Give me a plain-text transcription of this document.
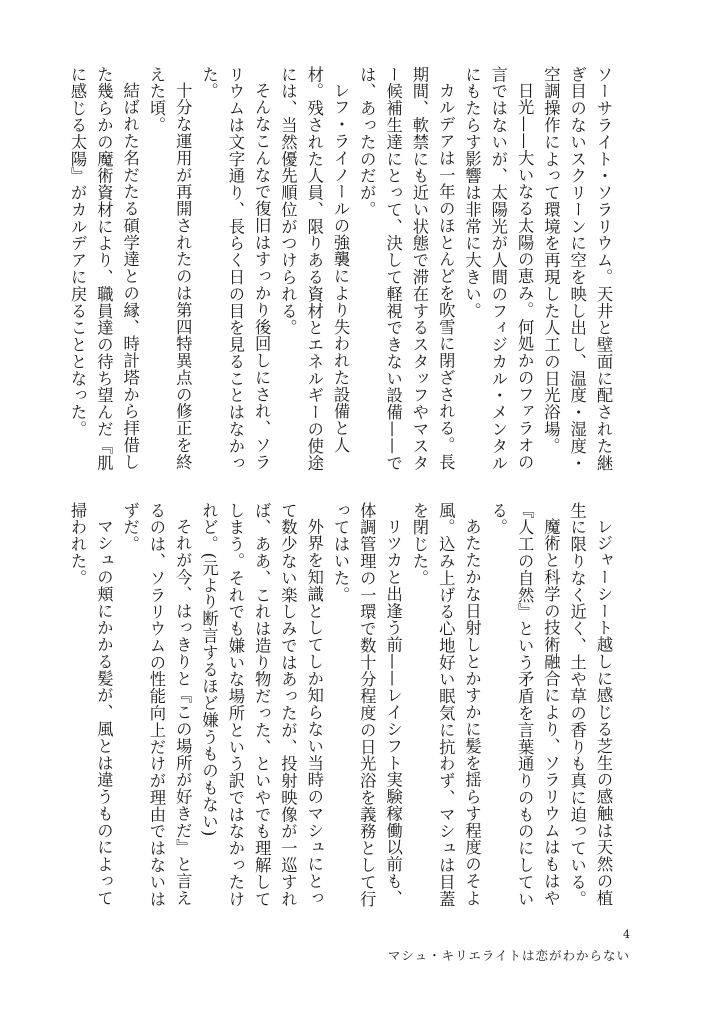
ソーサライト・ソラリウム。天井と壁面に配された継ぎ目のないスクリーンに空を映し出し、温度・湿度・空調操作によって環境を再現した人工の日光浴場。

日光——大いなる太陽の恵み。何処かのファラオの言ではないが、太陽光が人間のフィジカル・メンタルにもたらす影響は非常に大きい。

カルデアは一年のほとんどを吹雪に閉ざされる。長期間、軟禁にも近い状態で滞在するスタッフやマスター候補生達にとって、決して軽視できない設備——では、あったのだが。

レフ・ライノールの強襲により失われた設備と人材。残された人員、限りある資材とエネルギーの使途には、当然優先順位がつけられる。

そんなこんなで復旧はすっかり後回しにされ、ソラリウムは文字通り、長らく日の目を見ることはなかった。

十分な運用が再開されたのは第四特異点の修正を終えた頃。

結ばれた名だたる碩学達との縁、時計塔から拝借した幾らかの魔術資材により、職員達の待ち望んだ『肌に感じる太陽』がカルデアに戻ることとなった。

レジャーシート越しに感じる芝生の感触は天然の植生に限りなく近く、土や草の香りも真に迫っている。

魔術と科学の技術融合により、ソラリウムはもはや『人工の自然』という矛盾を言葉通りのものにしている。

あたたかな日射しとかすかに髪を揺らす程度のそよ風。込み上げる心地好い眠気に抗わず、マシュは目蓋を閉じた。

リツカと出逢う前——レイシフト実験稼働以前も、体調管理の一環で数十分程度の日光浴を義務として行ってはいた。

外界を知識としてしか知らない当時のマシュにとって数少ない楽しみではあったが、投射映像が一巡すれば、ああ、これは造り物だった、といやでも理解してしまう。それでも嫌いな場所という訳ではなかったけれど。(元より断言するほど嫌うものもない)

それが今、はっきりと『この場所が好きだ』と言えるのは、ソラリウムの性能向上だけが理由ではないはずだ。

マシュの頬にかかる髪が、風とは違うものによって掃われた。

4
マシュ・キリエライトは恋がわからない
